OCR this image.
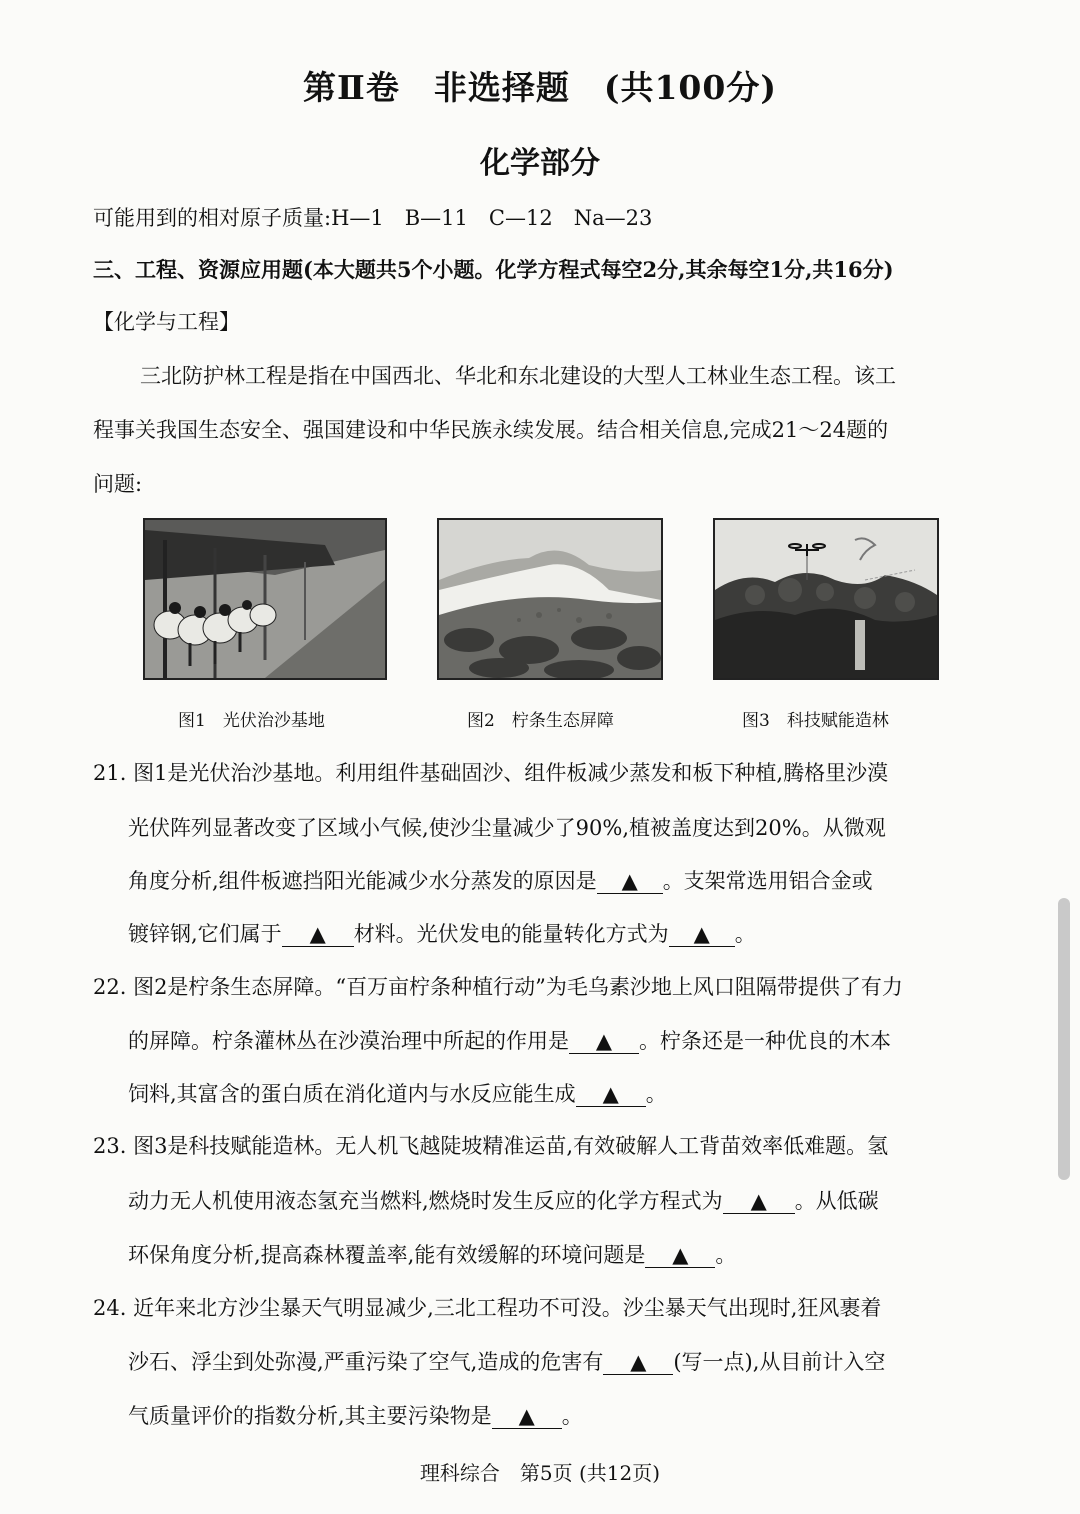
第Ⅱ卷　非选择题　(共100分)
化学部分
可能用到的相对原子质量:H—1　B—11　C—12　Na—23
三、工程、资源应用题(本大题共5个小题。化学方程式每空2分,其余每空1分,共16分)
【化学与工程】
三北防护林工程是指在中国西北、华北和东北建设的大型人工林业生态工程。该工
程事关我国生态安全、强国建设和中华民族永续发展。结合相关信息,完成21～24题的
问题:
图1　光伏治沙基地	图2　柠条生态屏障	图3　科技赋能造林
21. 图1是光伏治沙基地。利用组件基础固沙、组件板减少蒸发和板下种植,腾格里沙漠
光伏阵列显著改变了区域小气候,使沙尘量减少了90%,植被盖度达到20%。从微观
角度分析,组件板遮挡阳光能减少水分蒸发的原因是 ▲ 。支架常选用铝合金或
镀锌钢,它们属于 ▲ 材料。光伏发电的能量转化方式为 ▲ 。
22. 图2是柠条生态屏障。“百万亩柠条种植行动”为毛乌素沙地上风口阻隔带提供了有力
的屏障。柠条灌林丛在沙漠治理中所起的作用是 ▲ 。柠条还是一种优良的木本
饲料,其富含的蛋白质在消化道内与水反应能生成 ▲ 。
23. 图3是科技赋能造林。无人机飞越陡坡精准运苗,有效破解人工背苗效率低难题。氢
动力无人机使用液态氢充当燃料,燃烧时发生反应的化学方程式为 ▲ 。从低碳
环保角度分析,提高森林覆盖率,能有效缓解的环境问题是 ▲ 。
24. 近年来北方沙尘暴天气明显减少,三北工程功不可没。沙尘暴天气出现时,狂风裹着
沙石、浮尘到处弥漫,严重污染了空气,造成的危害有 ▲ (写一点),从目前计入空
气质量评价的指数分析,其主要污染物是 ▲ 。
理科综合　第5页 (共12页)
